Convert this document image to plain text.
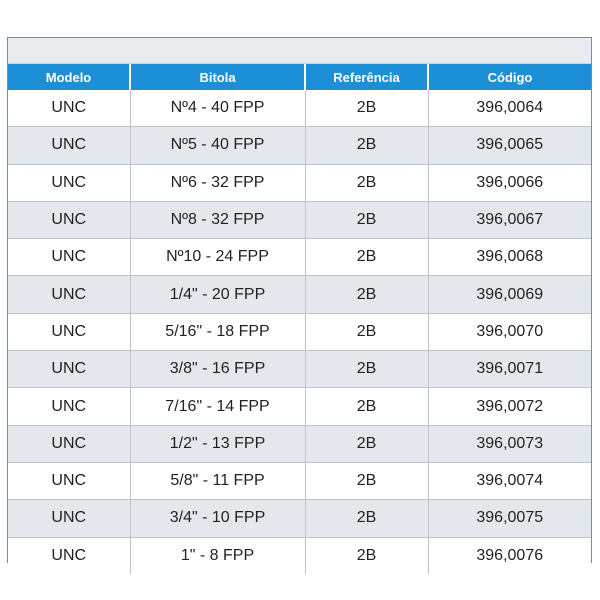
Modelo	Bitola	Referência	Código
UNC	Nº4 - 40 FPP	2B	396,0064
UNC	Nº5 - 40 FPP	2B	396,0065
UNC	Nº6 - 32 FPP	2B	396,0066
UNC	Nº8 - 32 FPP	2B	396,0067
UNC	Nº10 - 24 FPP	2B	396,0068
UNC	1/4" - 20 FPP	2B	396,0069
UNC	5/16" - 18 FPP	2B	396,0070
UNC	3/8" - 16 FPP	2B	396,0071
UNC	7/16" - 14 FPP	2B	396,0072
UNC	1/2" - 13 FPP	2B	396,0073
UNC	5/8" - 11 FPP	2B	396,0074
UNC	3/4" - 10 FPP	2B	396,0075
UNC	1" - 8 FPP	2B	396,0076
